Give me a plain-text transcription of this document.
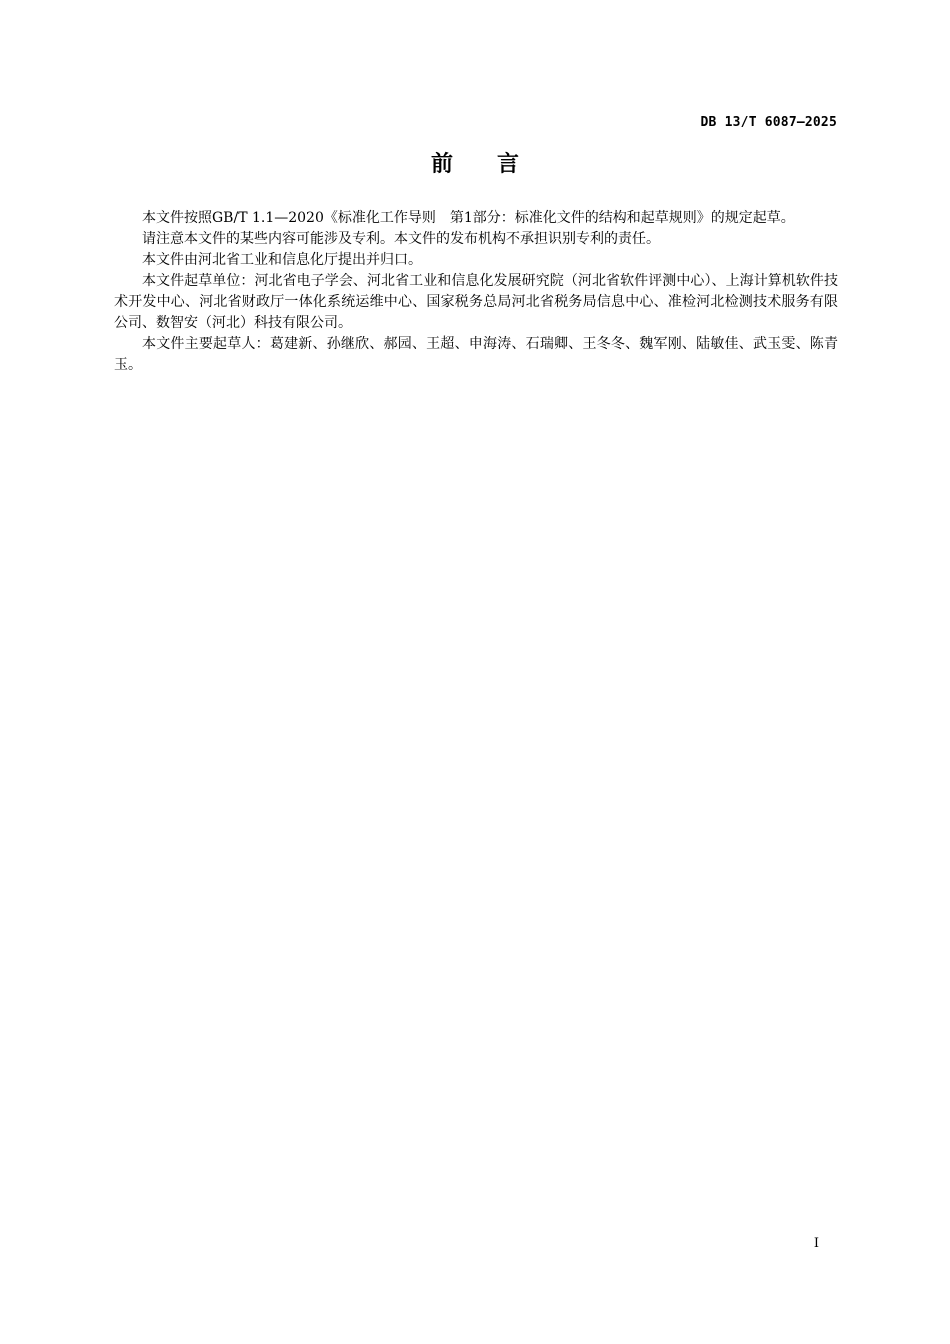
DB 13/T 6087—2025
前 言

本文件按照GB/T 1.1—2020《标准化工作导则　第1部分：标准化文件的结构和起草规则》的规定起草。

请注意本文件的某些内容可能涉及专利。本文件的发布机构不承担识别专利的责任。

本文件由河北省工业和信息化厅提出并归口。

本文件起草单位：河北省电子学会、河北省工业和信息化发展研究院（河北省软件评测中心）、上海计算机软件技术开发中心、河北省财政厅一体化系统运维中心、国家税务总局河北省税务局信息中心、准检河北检测技术服务有限公司、数智安（河北）科技有限公司。

本文件主要起草人：葛建新、孙继欣、郝园、王超、申海涛、石瑞卿、王冬冬、魏军刚、陆敏佳、武玉雯、陈青玉。

I
